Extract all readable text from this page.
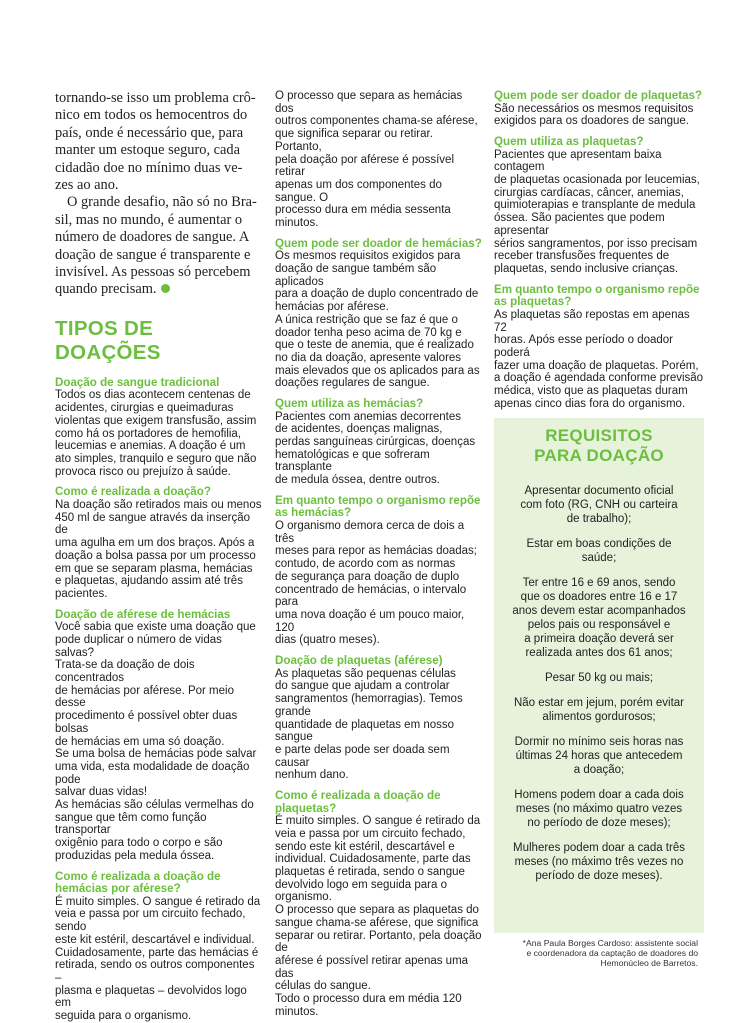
tornando-se isso um problema crô-
nico em todos os hemocentros do
país, onde é necessário que, para
manter um estoque seguro, cada
cidadão doe no mínimo duas ve-
zes ao ano.

O grande desafio, não só no Bra-
sil, mas no mundo, é aumentar o
número de doadores de sangue. A
doação de sangue é transparente e
invisível. As pessoas só percebem
quando precisam.

TIPOS DE DOAÇÕES

Doação de sangue tradicional

Todos os dias acontecem centenas de
acidentes, cirurgias e queimaduras
violentas que exigem transfusão, assim
como há os portadores de hemofilia,
leucemias e anemias. A doação é um
ato simples, tranquilo e seguro que não
provoca risco ou prejuízo à saúde.

Como é realizada a doação?

Na doação são retirados mais ou menos
450 ml de sangue através da inserção de
uma agulha em um dos braços. Após a
doação a bolsa passa por um processo
em que se separam plasma, hemácias
e plaquetas, ajudando assim até três
pacientes.

Doação de aférese de hemácias

Você sabia que existe uma doação que
pode duplicar o número de vidas salvas?
Trata-se da doação de dois concentrados
de hemácias por aférese. Por meio desse
procedimento é possível obter duas bolsas
de hemácias em uma só doação.
Se uma bolsa de hemácias pode salvar
uma vida, esta modalidade de doação pode
salvar duas vidas!
As hemácias são células vermelhas do
sangue que têm como função transportar
oxigênio para todo o corpo e são
produzidas pela medula óssea.

Como é realizada a doação de
hemácias por aférese?

É muito simples. O sangue é retirado da
veia e passa por um circuito fechado, sendo
este kit estéril, descartável e individual.
Cuidadosamente, parte das hemácias é
retirada, sendo os outros componentes –
plasma e plaquetas – devolvidos logo em
seguida para o organismo.

O processo que separa as hemácias dos
outros componentes chama-se aférese,
que significa separar ou retirar. Portanto,
pela doação por aférese é possível retirar
apenas um dos componentes do sangue. O
processo dura em média sessenta minutos.

Quem pode ser doador de hemácias?

Os mesmos requisitos exigidos para
doação de sangue também são aplicados
para a doação de duplo concentrado de
hemácias por aférese.
A única restrição que se faz é que o
doador tenha peso acima de 70 kg e
que o teste de anemia, que é realizado
no dia da doação, apresente valores
mais elevados que os aplicados para as
doações regulares de sangue.

Quem utiliza as hemácias?

Pacientes com anemias decorrentes
de acidentes, doenças malignas,
perdas sanguíneas cirúrgicas, doenças
hematológicas e que sofreram transplante
de medula óssea, dentre outros.

Em quanto tempo o organismo repõe
as hemácias?

O organismo demora cerca de dois a três
meses para repor as hemácias doadas;
contudo, de acordo com as normas
de segurança para doação de duplo
concentrado de hemácias, o intervalo para
uma nova doação é um pouco maior, 120
dias (quatro meses).

Doação de plaquetas (aférese)

As plaquetas são pequenas células
do sangue que ajudam a controlar
sangramentos (hemorragias). Temos grande
quantidade de plaquetas em nosso sangue
e parte delas pode ser doada sem causar
nenhum dano.

Como é realizada a doação de
plaquetas?

É muito simples. O sangue é retirado da
veia e passa por um circuito fechado,
sendo este kit estéril, descartável e
individual. Cuidadosamente, parte das
plaquetas é retirada, sendo o sangue
devolvido logo em seguida para o
organismo.
O processo que separa as plaquetas do
sangue chama-se aférese, que significa
separar ou retirar. Portanto, pela doação de
aférese é possível retirar apenas uma das
células do sangue.
Todo o processo dura em média 120
minutos.

Quem pode ser doador de plaquetas?

São necessários os mesmos requisitos
exigidos para os doadores de sangue.

Quem utiliza as plaquetas?

Pacientes que apresentam baixa contagem
de plaquetas ocasionada por leucemias,
cirurgias cardíacas, câncer, anemias,
quimioterapias e transplante de medula
óssea. São pacientes que podem apresentar
sérios sangramentos, por isso precisam
receber transfusões frequentes de
plaquetas, sendo inclusive crianças.

Em quanto tempo o organismo repõe
as plaquetas?

As plaquetas são repostas em apenas 72
horas. Após esse período o doador poderá
fazer uma doação de plaquetas. Porém,
a doação é agendada conforme previsão
médica, visto que as plaquetas duram
apenas cinco dias fora do organismo.

REQUISITOS
PARA DOAÇÃO

Apresentar documento oficial
com foto (RG, CNH ou carteira
de trabalho);

Estar em boas condições de
saúde;

Ter entre 16 e 69 anos, sendo
que os doadores entre 16 e 17
anos devem estar acompanhados
pelos pais ou responsável e
a primeira doação deverá ser
realizada antes dos 61 anos;

Pesar 50 kg ou mais;

Não estar em jejum, porém evitar
alimentos gordurosos;

Dormir no mínimo seis horas nas
últimas 24 horas que antecedem
a doação;

Homens podem doar a cada dois
meses (no máximo quatro vezes
no período de doze meses);

Mulheres podem doar a cada três
meses (no máximo três vezes no
período de doze meses).

*Ana Paula Borges Cardoso: assistente social
e coordenadora da captação de doadores do
Hemonúcleo de Barretos.
